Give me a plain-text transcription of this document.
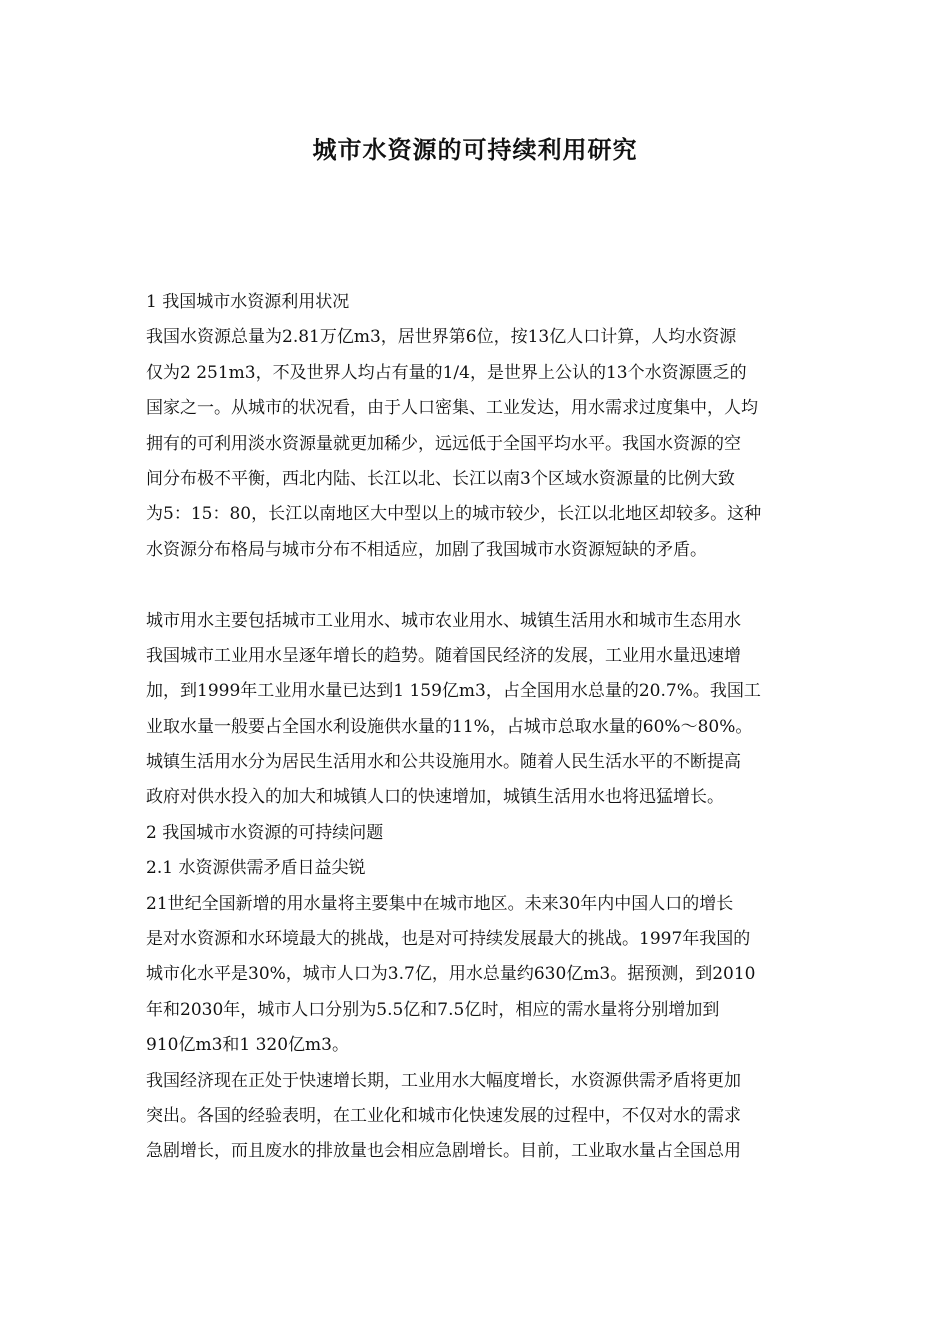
城市水资源的可持续利用研究
1 我国城市水资源利用状况
我国水资源总量为2.81万亿m3，居世界第6位，按13亿人口计算，人均水资源
仅为2 251m3，不及世界人均占有量的1/4，是世界上公认的13个水资源匮乏的
国家之一。从城市的状况看，由于人口密集、工业发达，用水需求过度集中，人均
拥有的可利用淡水资源量就更加稀少，远远低于全国平均水平。我国水资源的空
间分布极不平衡，西北内陆、长江以北、长江以南3个区域水资源量的比例大致
为5：15：80，长江以南地区大中型以上的城市较少，长江以北地区却较多。这种
水资源分布格局与城市分布不相适应，加剧了我国城市水资源短缺的矛盾。
城市用水主要包括城市工业用水、城市农业用水、城镇生活用水和城市生态用水
我国城市工业用水呈逐年增长的趋势。随着国民经济的发展，工业用水量迅速增
加，到1999年工业用水量已达到1 159亿m3，占全国用水总量的20.7%。我国工
业取水量一般要占全国水利设施供水量的11%，占城市总取水量的60%～80%。
城镇生活用水分为居民生活用水和公共设施用水。随着人民生活水平的不断提高
政府对供水投入的加大和城镇人口的快速增加，城镇生活用水也将迅猛增长。
2 我国城市水资源的可持续问题
2.1 水资源供需矛盾日益尖锐
21世纪全国新增的用水量将主要集中在城市地区。未来30年内中国人口的增长
是对水资源和水环境最大的挑战，也是对可持续发展最大的挑战。1997年我国的
城市化水平是30%，城市人口为3.7亿，用水总量约630亿m3。据预测，到2010
年和2030年，城市人口分别为5.5亿和7.5亿时，相应的需水量将分别增加到
910亿m3和1 320亿m3。
我国经济现在正处于快速增长期，工业用水大幅度增长，水资源供需矛盾将更加
突出。各国的经验表明，在工业化和城市化快速发展的过程中，不仅对水的需求
急剧增长，而且废水的排放量也会相应急剧增长。目前，工业取水量占全国总用
